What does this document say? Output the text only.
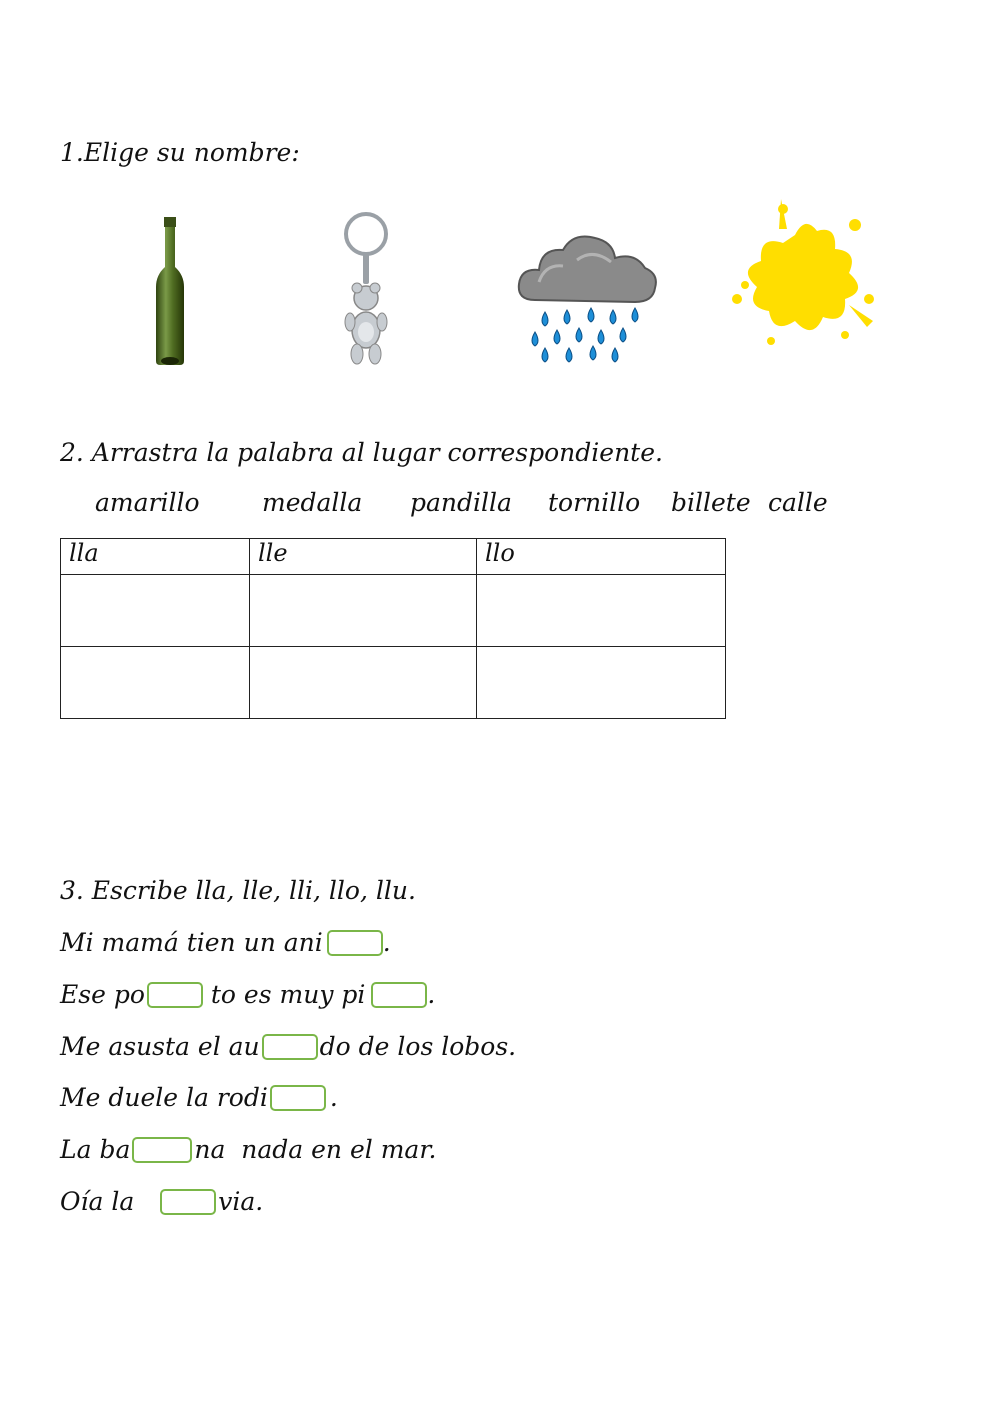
1.Elige su nombre:
2. Arrastra la palabra al lugar correspondiente.
amarillo medalla pandilla tornillo billete calle
lla	lle	llo

3. Escribe lla, lle, lli, llo, llu.
Mi mamá tien un ani .
Ese po	to es muy pi .
Me asusta el au do de los lobos.
Me duele la rodi .
La ba	na  nada en el mar.
Oía la	via.
